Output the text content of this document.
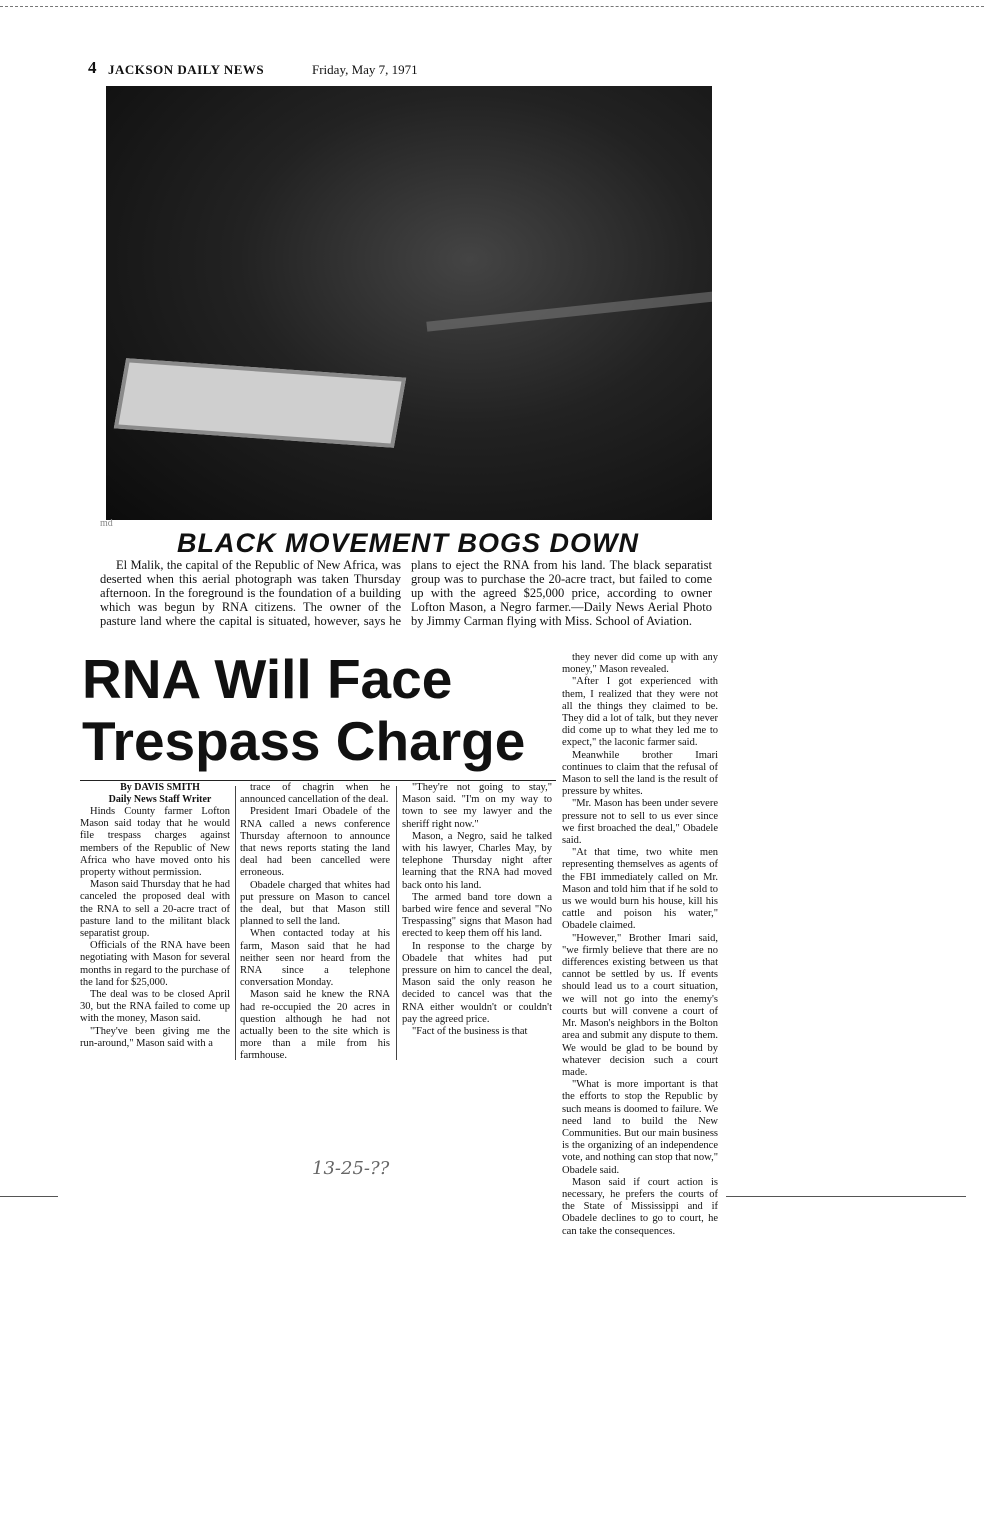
4 JACKSON DAILY NEWS	Friday, May 7, 1971
md
BLACK MOVEMENT BOGS DOWN

El Malik, the capital of the Republic of New Africa, was deserted when this aerial photograph was taken Thursday afternoon. In the foreground is the foundation of a building which was begun by RNA citizens. The owner of the pasture land where the capital is situated, however, says he plans to eject the RNA from his land. The black separatist group was to purchase the 20-acre tract, but failed to come up with the agreed $25,000 price, according to owner Lofton Mason, a Negro farmer.—Daily News Aerial Photo by Jimmy Carman flying with Miss. School of Aviation.

RNA Will Face
Trespass Charge

By DAVIS SMITH

Daily News Staff Writer

Hinds County farmer Lofton Mason said today that he would file trespass charges against members of the Republic of New Africa who have moved onto his property without permission.

Mason said Thursday that he had canceled the proposed deal with the RNA to sell a 20-acre tract of pasture land to the militant black separatist group.

Officials of the RNA have been negotiating with Mason for several months in regard to the purchase of the land for $25,000.

The deal was to be closed April 30, but the RNA failed to come up with the money, Mason said.

"They've been giving me the run-around," Mason said with a

trace of chagrin when he announced cancellation of the deal.

President Imari Obadele of the RNA called a news conference Thursday afternoon to announce that news reports stating the land deal had been cancelled were erroneous.

Obadele charged that whites had put pressure on Mason to cancel the deal, but that Mason still planned to sell the land.

When contacted today at his farm, Mason said that he had neither seen nor heard from the RNA since a telephone conversation Monday.

Mason said he knew the RNA had re-occupied the 20 acres in question although he had not actually been to the site which is more than a mile from his farmhouse.

"They're not going to stay," Mason said. "I'm on my way to town to see my lawyer and the sheriff right now."

Mason, a Negro, said he talked with his lawyer, Charles May, by telephone Thursday night after learning that the RNA had moved back onto his land.

The armed band tore down a barbed wire fence and several "No Trespassing" signs that Mason had erected to keep them off his land.

In response to the charge by Obadele that whites had put pressure on him to cancel the deal, Mason said the only reason he decided to cancel was that the RNA either wouldn't or couldn't pay the agreed price.

"Fact of the business is that

they never did come up with any money," Mason revealed.

"After I got experienced with them, I realized that they were not all the things they claimed to be. They did a lot of talk, but they never did come up to what they led me to expect," the laconic farmer said.

Meanwhile brother Imari continues to claim that the refusal of Mason to sell the land is the result of pressure by whites.

"Mr. Mason has been under severe pressure not to sell to us ever since we first broached the deal," Obadele said.

"At that time, two white men representing themselves as agents of the FBI immediately called on Mr. Mason and told him that if he sold to us we would burn his house, kill his cattle and poison his water," Obadele claimed.

"However," Brother Imari said, "we firmly believe that there are no differences existing between us that cannot be settled by us. If events should lead us to a court situation, we will not go into the enemy's courts but will convene a court of Mr. Mason's neighbors in the Bolton area and submit any dispute to them. We would be glad to be bound by whatever decision such a court made.

"What is more important is that the efforts to stop the Republic by such means is doomed to failure. We need land to build the New Communities. But our main business is the organizing of an independence vote, and nothing can stop that now," Obadele said.

Mason said if court action is necessary, he prefers the courts of the State of Mississippi and if Obadele declines to go to court, he can take the consequences.

13-25-??
